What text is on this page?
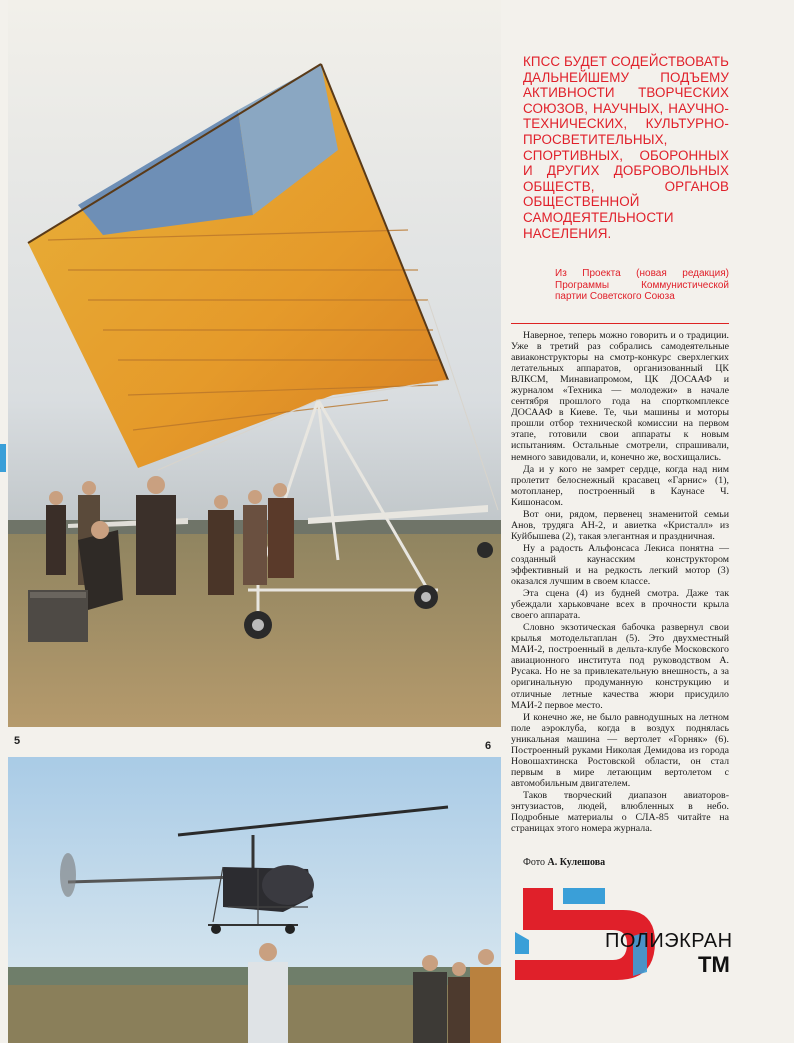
5	6
КПСС БУДЕТ СОДЕЙСТВОВАТЬ ДАЛЬНЕЙШЕМУ ПОДЪЕМУ АКТИВНОСТИ ТВОРЧЕСКИХ СОЮЗОВ, НАУЧНЫХ, НАУЧНО-ТЕХНИЧЕСКИХ, КУЛЬТУРНО-ПРОСВЕТИТЕЛЬНЫХ, СПОРТИВНЫХ, ОБОРОННЫХ И ДРУГИХ ДОБРОВОЛЬНЫХ ОБЩЕСТВ, ОРГАНОВ ОБЩЕСТВЕННОЙ САМОДЕЯТЕЛЬНОСТИ НАСЕЛЕНИЯ.
Из Проекта (новая редакция) Программы Коммунистической партии Советского Союза

Наверное, теперь можно говорить и о традиции. Уже в третий раз собрались самодеятельные авиаконструкторы на смотр-конкурс сверхлегких летательных аппаратов, организованный ЦК ВЛКСМ, Минавиапромом, ЦК ДОСААФ и журналом «Техника — молодежи» в начале сентября прошлого года на спорткомплексе ДОСААФ в Киеве. Те, чьи машины и моторы прошли отбор технической комиссии на первом этапе, готовили свои аппараты к новым испытаниям. Остальные смотрели, спрашивали, немного завидовали, и, конечно же, восхищались.

Да и у кого не замрет сердце, когда над ним пролетит белоснежный красавец «Гарнис» (1), мотопланер, построенный в Каунасе Ч. Кишонасом.

Вот они, рядом, первенец знаменитой семьи Анов, трудяга АН-2, и авиетка «Кристалл» из Куйбышева (2), такая элегантная и праздничная.

Ну а радость Альфонсаса Лекиса понятна — созданный каунасским конструктором эффективный и на редкость легкий мотор (3) оказался лучшим в своем классе.

Эта сцена (4) из будней смотра. Даже так убеждали харьковчане всех в прочности крыла своего аппарата.

Словно экзотическая бабочка развернул свои крылья мотодельтаплан (5). Это двухместный МАИ-2, построенный в дельта-клубе Московского авиационного института под руководством А. Русака. Но не за привлекательную внешность, а за оригинальную продуманную конструкцию и отличные летные качества жюри присудило МАИ-2 первое место.

И конечно же, не было равнодушных на летном поле аэроклуба, когда в воздух поднялась уникальная машина — вертолет «Горняк» (6). Построенный руками Николая Демидова из города Новошахтинска Ростовской области, он стал первым в мире летающим вертолетом с автомобильным двигателем.

Таков творческий диапазон авиаторов-энтузиастов, людей, влюбленных в небо. Подробные материалы о СЛА-85 читайте на страницах этого номера журнала.

Фото А. Кулешова
ПОЛИЭКРАН
ТМ
